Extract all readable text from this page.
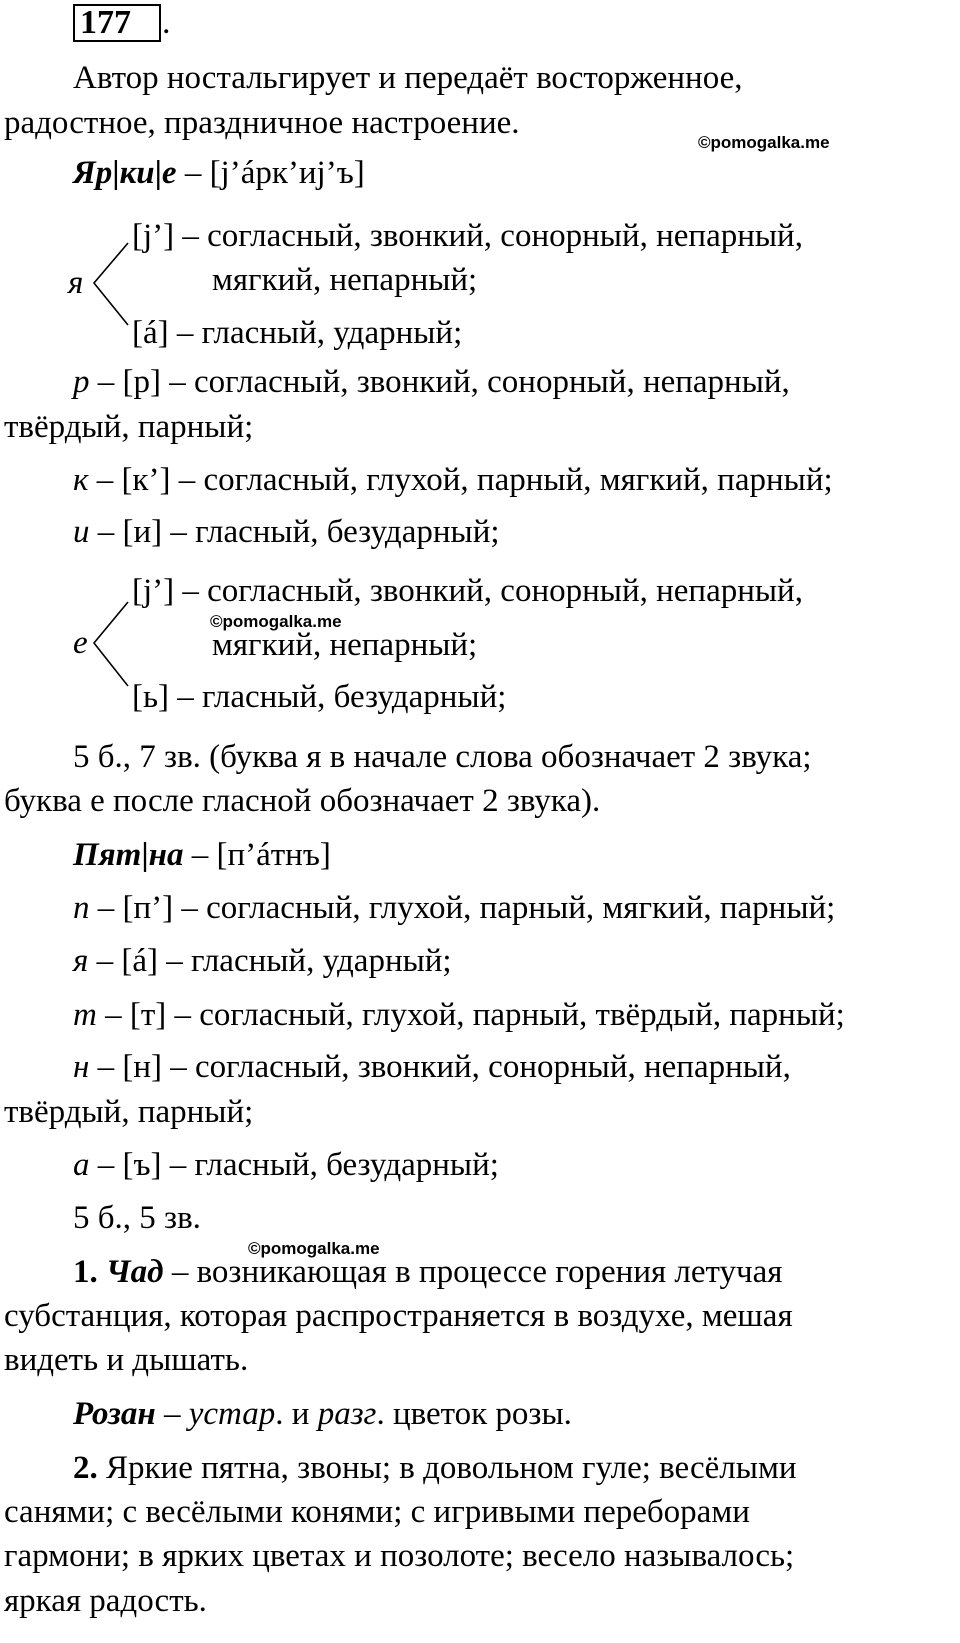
177 .
Автор ностальгирует и передаёт восторженное,
радостное, праздничное настроение.
©pomogalka.me
Яр|ки|е – [j’áрк’иj’ъ]
я
[j’] – согласный, звонкий, сонорный, непарный,
мягкий, непарный;
[á] – гласный, ударный;
р – [р] – согласный, звонкий, сонорный, непарный,
твёрдый, парный;
к – [к’] – согласный, глухой, парный, мягкий, парный;
и – [и] – гласный, безударный;
е
[j’] – согласный, звонкий, сонорный, непарный,
©pomogalka.me
мягкий, непарный;
[ь] – гласный, безударный;
5 б., 7 зв. (буква я в начале слова обозначает 2 звука;
буква е после гласной обозначает 2 звука).
Пят|на – [п’áтнъ]
п – [п’] – согласный, глухой, парный, мягкий, парный;
я – [á] – гласный, ударный;
т – [т] – согласный, глухой, парный, твёрдый, парный;
н – [н] – согласный, звонкий, сонорный, непарный,
твёрдый, парный;
а – [ъ] – гласный, безударный;
5 б., 5 зв.
©pomogalka.me
1. Чад – возникающая в процессе горения летучая
субстанция, которая распространяется в воздухе, мешая
видеть и дышать.
Розан – устар. и разг. цветок розы.
2. Яркие пятна, звоны; в довольном гуле; весёлыми
санями; с весёлыми конями; с игривыми переборами
гармони; в ярких цветах и позолоте; весело называлось;
яркая радость.
